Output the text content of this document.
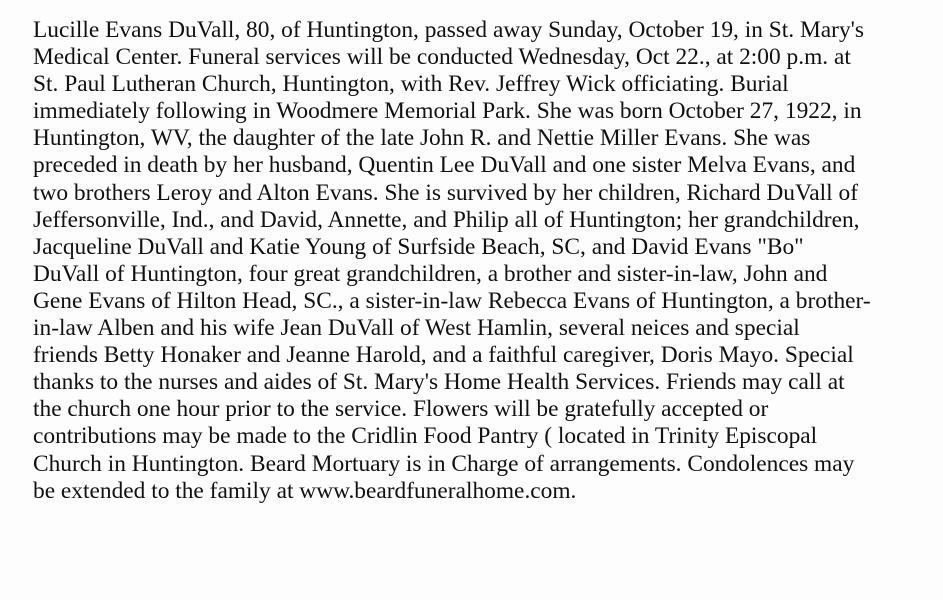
Lucille Evans DuVall, 80, of Huntington, passed away Sunday, October 19, in St. Mary's
Medical Center. Funeral services will be conducted Wednesday, Oct 22., at 2:00 p.m. at
St. Paul Lutheran Church, Huntington, with Rev. Jeffrey Wick officiating. Burial
immediately following in Woodmere Memorial Park. She was born October 27, 1922, in
Huntington, WV, the daughter of the late John R. and Nettie Miller Evans. She was
preceded in death by her husband, Quentin Lee DuVall and one sister Melva Evans, and
two brothers Leroy and Alton Evans. She is survived by her children, Richard DuVall of
Jeffersonville, Ind., and David, Annette, and Philip all of Huntington; her grandchildren,
Jacqueline DuVall and Katie Young of Surfside Beach, SC, and David Evans "Bo"
DuVall of Huntington, four great grandchildren, a brother and sister-in-law, John and
Gene Evans of Hilton Head, SC., a sister-in-law Rebecca Evans of Huntington, a brother-
in-law Alben and his wife Jean DuVall of West Hamlin, several neices and special
friends Betty Honaker and Jeanne Harold, and a faithful caregiver, Doris Mayo. Special
thanks to the nurses and aides of St. Mary's Home Health Services. Friends may call at
the church one hour prior to the service. Flowers will be gratefully accepted or
contributions may be made to the Cridlin Food Pantry ( located in Trinity Episcopal
Church in Huntington. Beard Mortuary is in Charge of arrangements. Condolences may
be extended to the family at www.beardfuneralhome.com.
